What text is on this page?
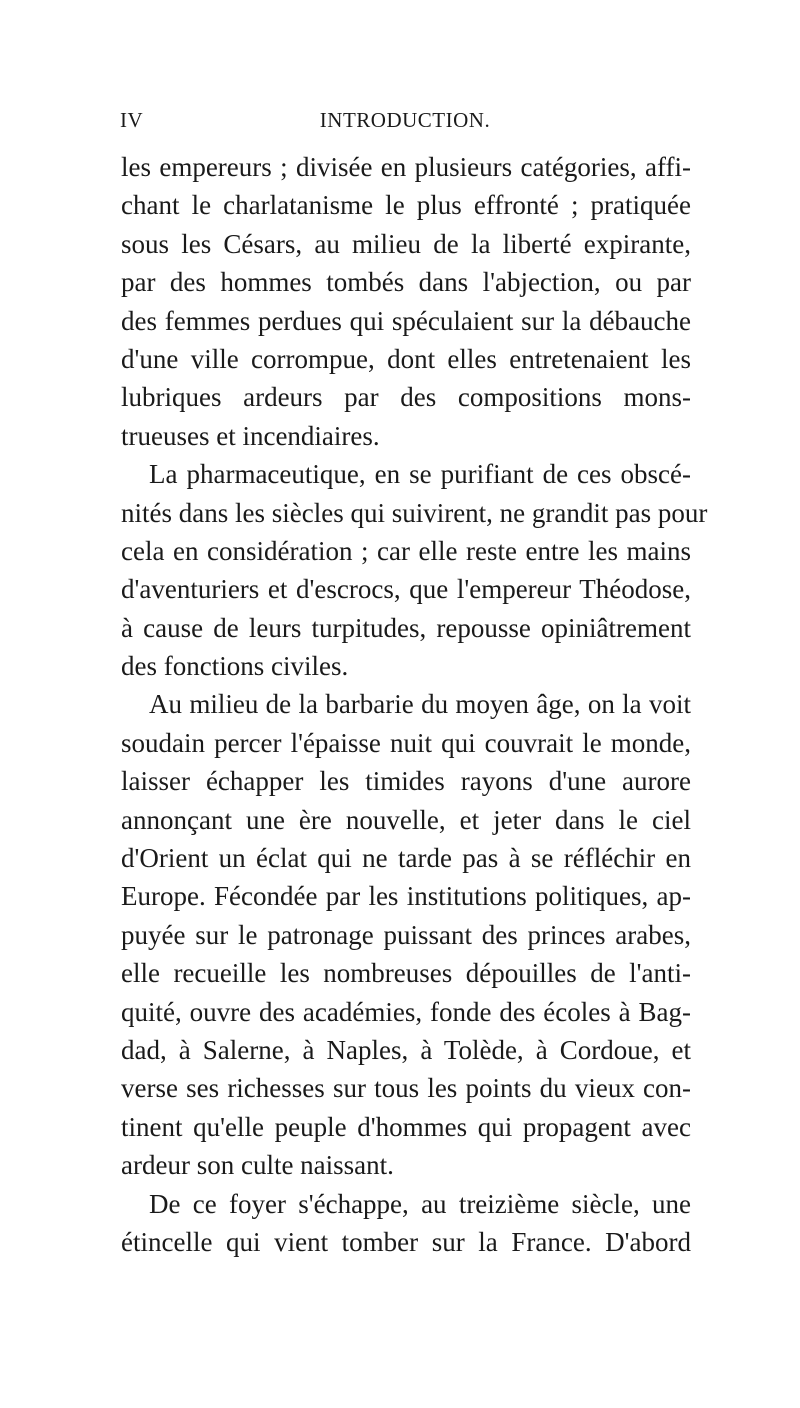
IV	INTRODUCTION.
les empereurs ; divisée en plusieurs catégories, affi-
chant le charlatanisme le plus effronté ; pratiquée
sous les Césars, au milieu de la liberté expirante,
par des hommes tombés dans l'abjection, ou par
des femmes perdues qui spéculaient sur la débauche
d'une ville corrompue, dont elles entretenaient les
lubriques ardeurs par des compositions mons-
trueuses et incendiaires.
La pharmaceutique, en se purifiant de ces obscé-
nités dans les siècles qui suivirent, ne grandit pas pour
cela en considération ; car elle reste entre les mains
d'aventuriers et d'escrocs, que l'empereur Théodose,
à cause de leurs turpitudes, repousse opiniâtrement
des fonctions civiles.
Au milieu de la barbarie du moyen âge, on la voit
soudain percer l'épaisse nuit qui couvrait le monde,
laisser échapper les timides rayons d'une aurore
annonçant une ère nouvelle, et jeter dans le ciel
d'Orient un éclat qui ne tarde pas à se réfléchir en
Europe. Fécondée par les institutions politiques, ap-
puyée sur le patronage puissant des princes arabes,
elle recueille les nombreuses dépouilles de l'anti-
quité, ouvre des académies, fonde des écoles à Bag-
dad, à Salerne, à Naples, à Tolède, à Cordoue, et
verse ses richesses sur tous les points du vieux con-
tinent qu'elle peuple d'hommes qui propagent avec
ardeur son culte naissant.
De ce foyer s'échappe, au treizième siècle, une
étincelle qui vient tomber sur la France. D'abord
